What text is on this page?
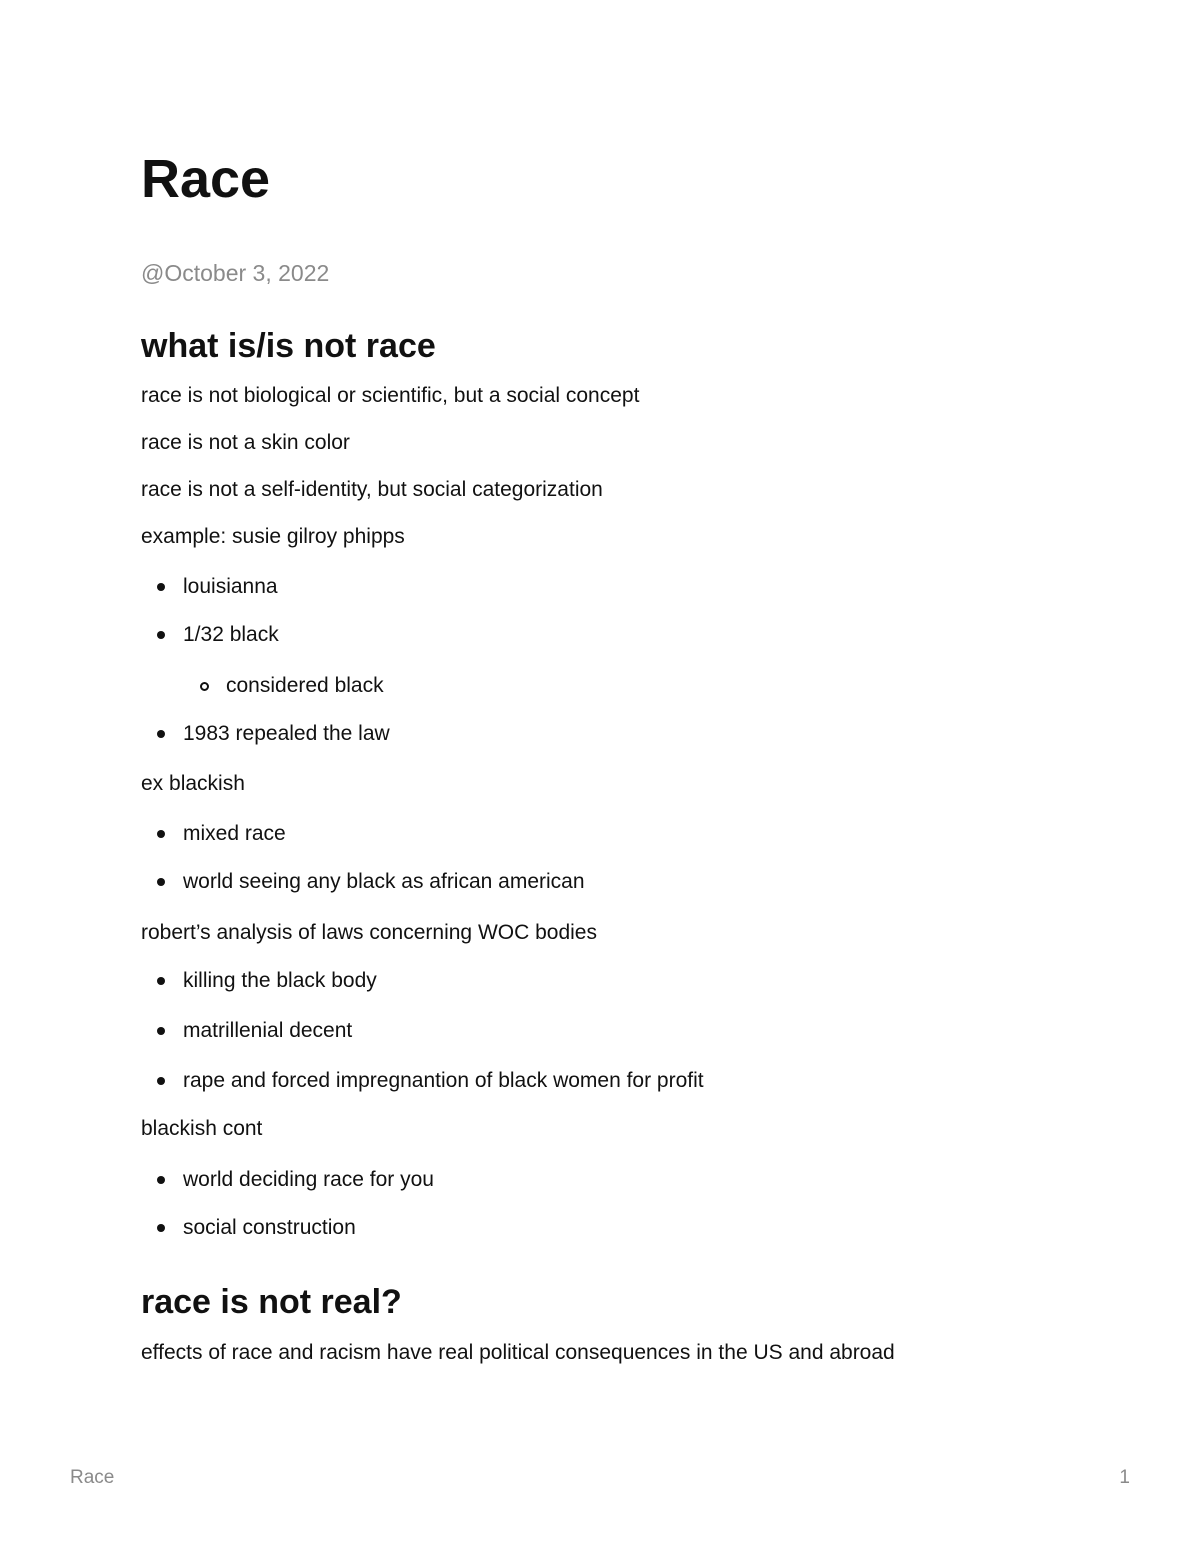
Race
@October 3, 2022
what is/is not race
race is not biological or scientific, but a social concept
race is not a skin color
race is not a self-identity, but social categorization
example: susie gilroy phipps
louisianna
1/32 black
considered black
1983 repealed the law
ex blackish
mixed race
world seeing any black as african american
robert’s analysis of laws concerning WOC bodies
killing the black body
matrillenial decent
rape and forced impregnantion of black women for profit
blackish cont
world deciding race for you
social construction
race is not real?
effects of race and racism have real political consequences in the US and abroad
Race	1
